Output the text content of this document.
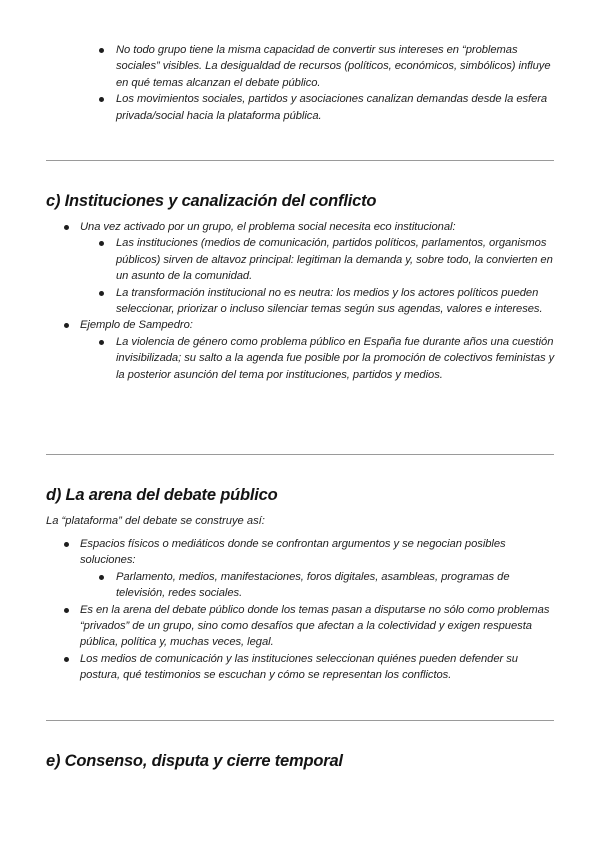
No todo grupo tiene la misma capacidad de convertir sus intereses en “problemas sociales” visibles. La desigualdad de recursos (políticos, económicos, simbólicos) influye en qué temas alcanzan el debate público.
Los movimientos sociales, partidos y asociaciones canalizan demandas desde la esfera privada/social hacia la plataforma pública.
c) Instituciones y canalización del conflicto
Una vez activado por un grupo, el problema social necesita eco institucional:
Las instituciones (medios de comunicación, partidos políticos, parlamentos, organismos públicos) sirven de altavoz principal: legitiman la demanda y, sobre todo, la convierten en un asunto de la comunidad.
La transformación institucional no es neutra: los medios y los actores políticos pueden seleccionar, priorizar o incluso silenciar temas según sus agendas, valores e intereses.
Ejemplo de Sampedro:
La violencia de género como problema público en España fue durante años una cuestión invisibilizada; su salto a la agenda fue posible por la promoción de colectivos feministas y la posterior asunción del tema por instituciones, partidos y medios.
d) La arena del debate público

La “plataforma” del debate se construye así:

Espacios físicos o mediáticos donde se confrontan argumentos y se negocian posibles soluciones:
Parlamento, medios, manifestaciones, foros digitales, asambleas, programas de televisión, redes sociales.
Es en la arena del debate público donde los temas pasan a disputarse no sólo como problemas “privados” de un grupo, sino como desafíos que afectan a la colectividad y exigen respuesta pública, política y, muchas veces, legal.
Los medios de comunicación y las instituciones seleccionan quiénes pueden defender su postura, qué testimonios se escuchan y cómo se representan los conflictos.
e) Consenso, disputa y cierre temporal
